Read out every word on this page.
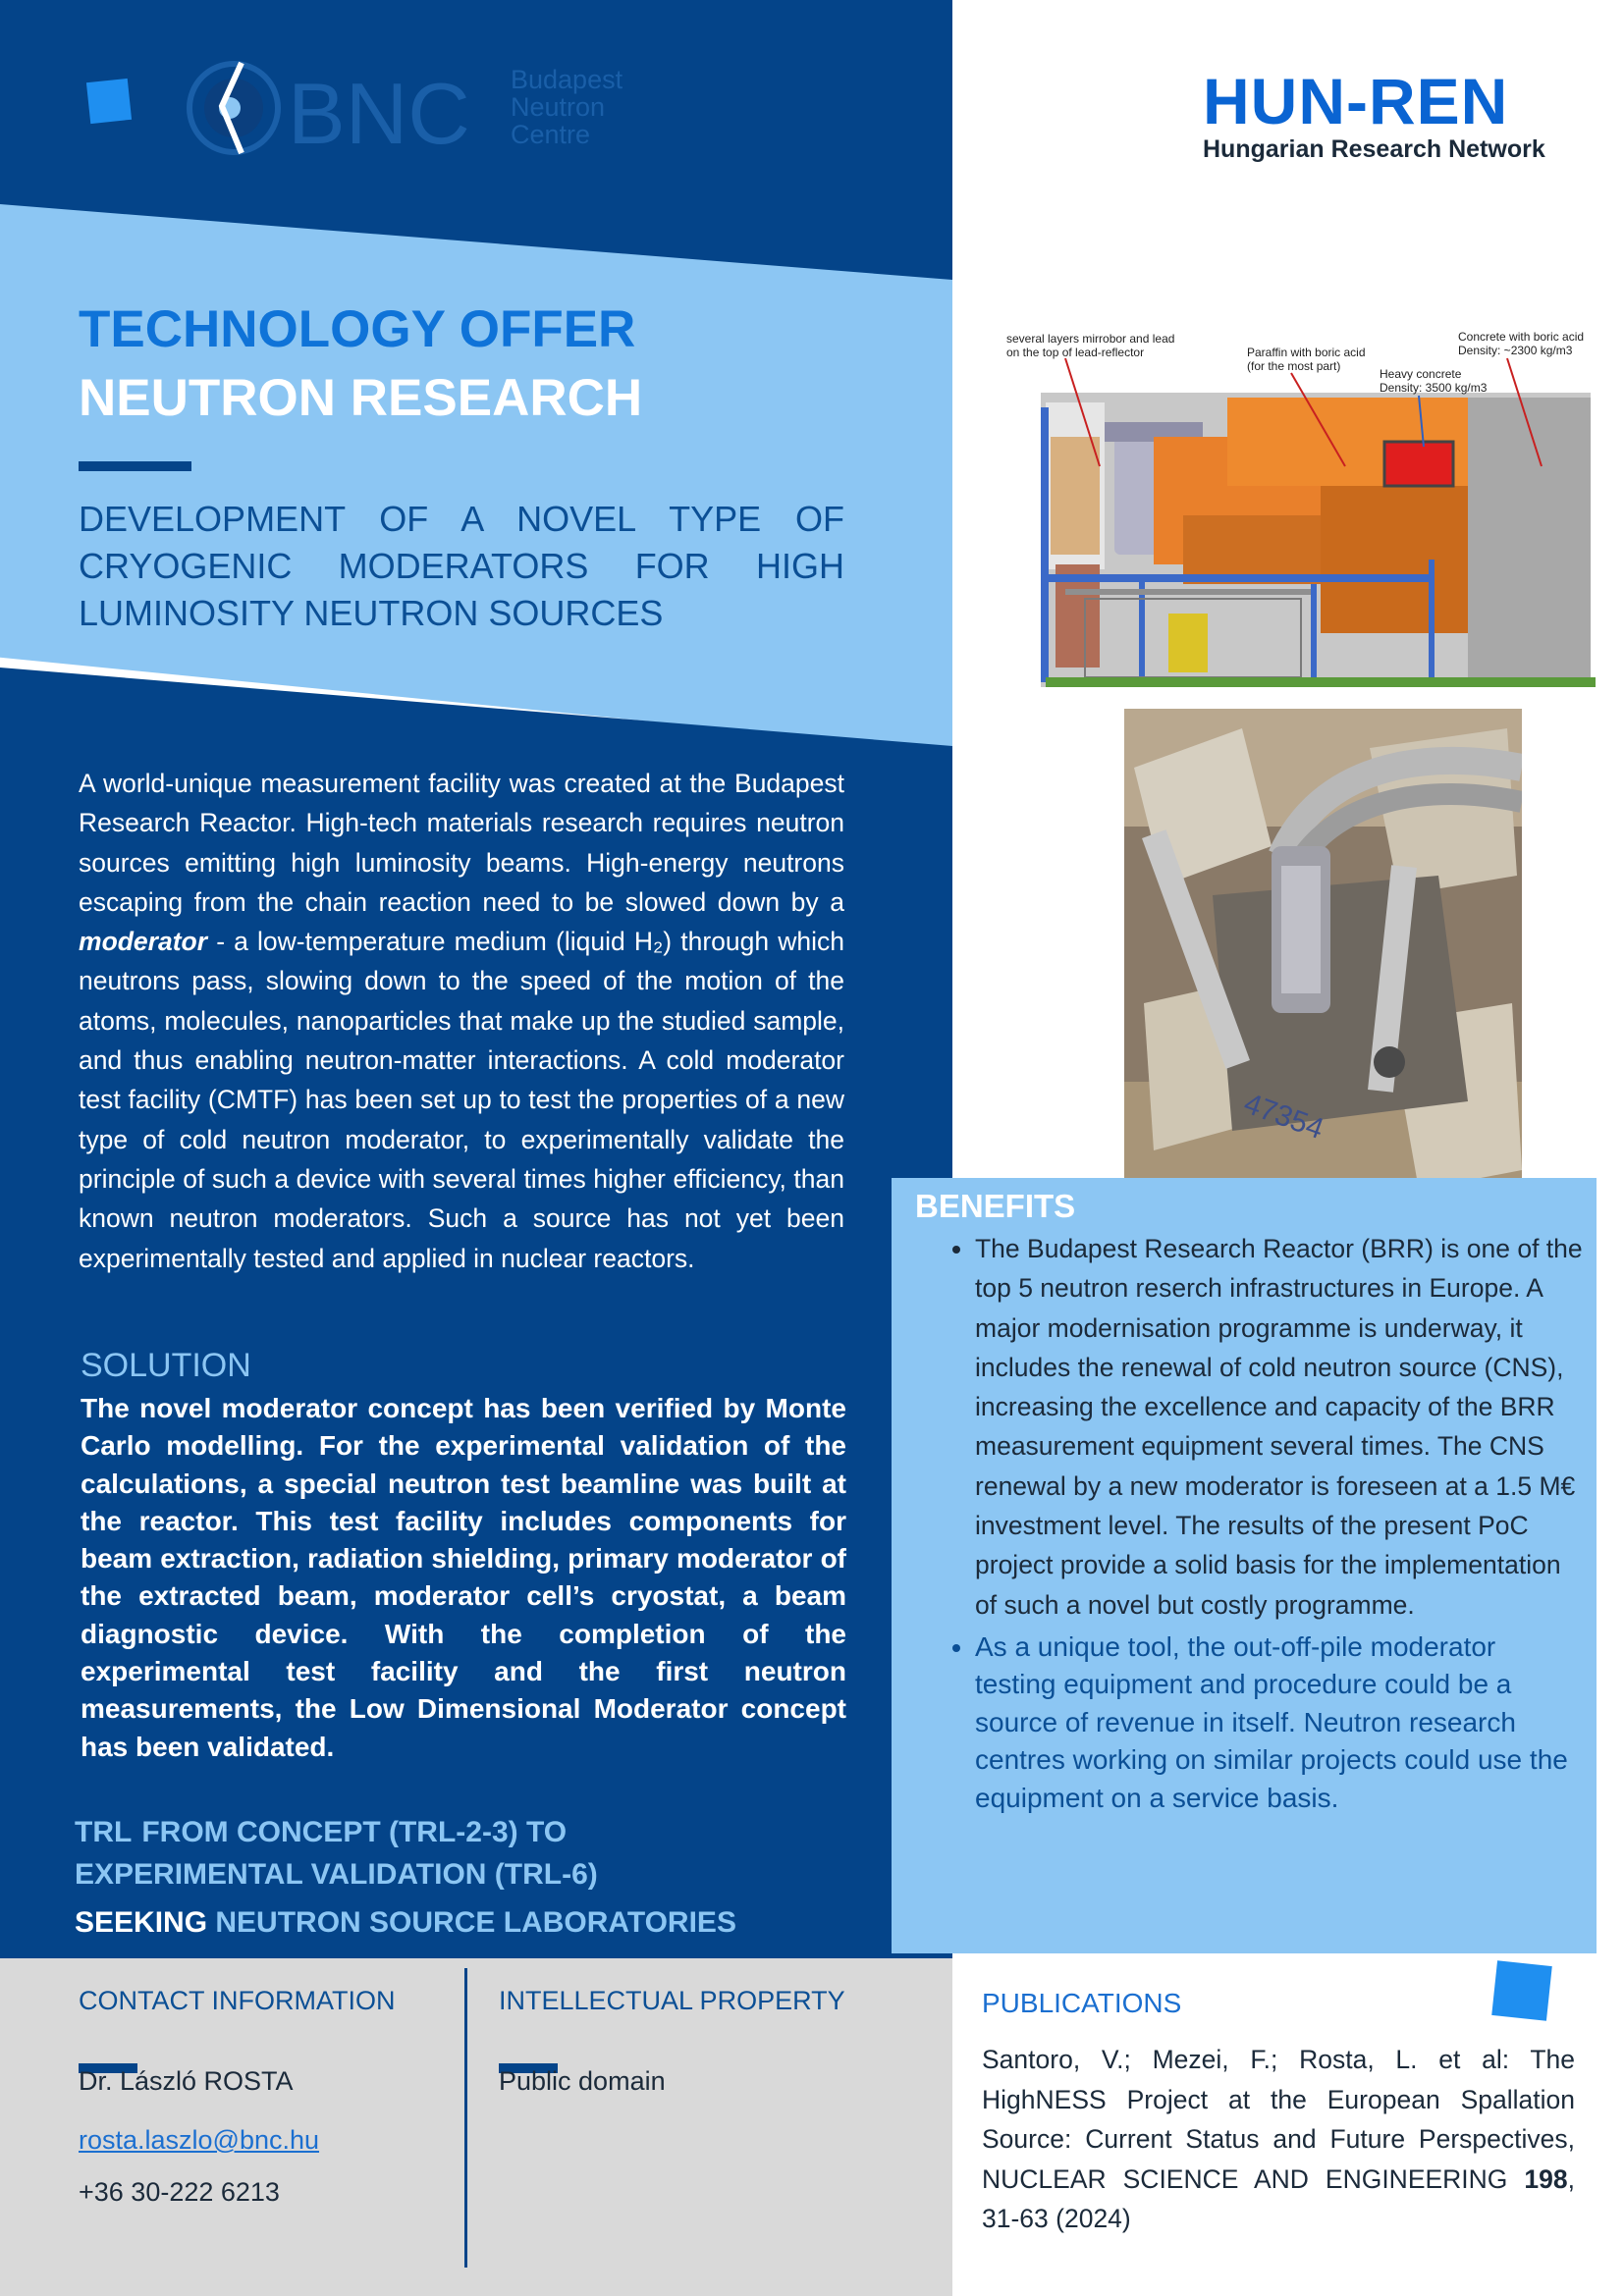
BNC Budapest
Neutron
Centre	HUN-REN
Hungarian Research Network
TECHNOLOGY OFFER
NEUTRON RESEARCH
DEVELOPMENT OF A NOVEL TYPE OF CRYOGENIC MODERATORS FOR HIGH LUMINOSITY NEUTRON SOURCES
A world-unique measurement facility was created at the Budapest Research Reactor. High-tech materials research requires neutron sources emitting high luminosity beams. High-energy neutrons escaping from the chain reaction need to be slowed down by a moderator - a low-temperature medium (liquid H₂) through which neutrons pass, slowing down to the speed of the motion of the atoms, molecules, nanoparticles that make up the studied sample, and thus enabling neutron-matter interactions. A cold moderator test facility (CMTF) has been set up to test the properties of a new type of cold neutron moderator, to experimentally validate the principle of such a device with several times higher efficiency, than known neutron moderators. Such a source has not yet been experimentally tested and applied in nuclear reactors.
SOLUTION
The novel moderator concept has been verified by Monte Carlo modelling. For the experimental validation of the calculations, a special neutron test beamline was built at the reactor. This test facility includes components for beam extraction, radiation shielding, primary moderator of the extracted beam, moderator cell’s cryostat, a beam diagnostic device. With the completion of the experimental test facility and the first neutron measurements, the Low Dimensional Moderator concept has been validated.
TRL FROM CONCEPT (TRL-2-3) TO
EXPERIMENTAL VALIDATION (TRL-6)
SEEKING NEUTRON SOURCE LABORATORIES
several layers mirrobor and lead
on the top of lead-reflector	Paraffin with boric acid
(for the most part)
Heavy concrete
Density: 3500 kg/m3
Concrete with boric acid
Density: ~2300 kg/m3
47354
BENEFITS
• The Budapest Research Reactor (BRR) is one of the top 5 neutron reserch infrastructures in Europe. A major modernisation programme is underway, it includes the renewal of cold neutron source (CNS), increasing the excellence and capacity of the BRR measurement equipment several times. The CNS renewal by a new moderator is foreseen at a 1.5 M€ investment level. The results of the present PoC project provide a solid basis for the implementation of such a novel but costly programme.
• As a unique tool, the out-off-pile moderator testing equipment and procedure could be a source of revenue in itself. Neutron research centres working on similar projects could use the equipment on a service basis.
CONTACT INFORMATION
Dr. László ROSTA
rosta.laszlo@bnc.hu
+36 30-222 6213
INTELLECTUAL PROPERTY
Public domain
PUBLICATIONS
Santoro, V.; Mezei, F.; Rosta, L. et al: The HighNESS Project at the European Spallation Source: Current Status and Future Perspectives, NUCLEAR SCIENCE AND ENGINEERING 198, 31-63 (2024)
